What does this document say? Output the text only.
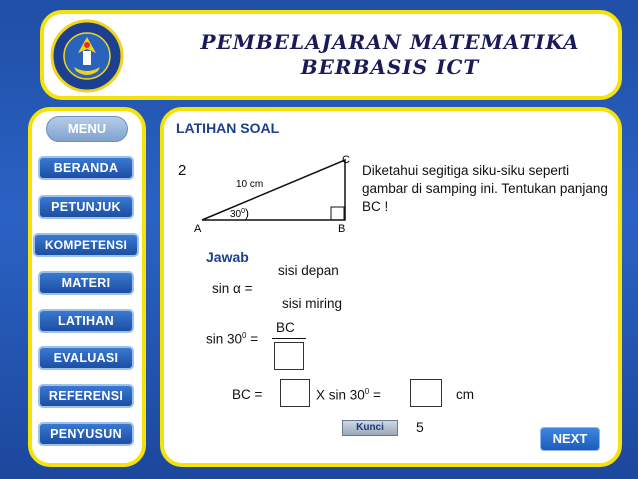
PEMBELAJARAN MATEMATIKA
BERBASIS ICT
MENU
BERANDA
PETUNJUK
KOMPETENSI
MATERI
LATIHAN
EVALUASI
REFERENSI
PENYUSUN
LATIHAN SOAL
2
A	B
C
10 cm
$30^0$)
Diketahui segitiga siku-siku seperti gambar di samping ini. Tentukan panjang BC !
Jawab
sisi depan
sin α =
sisi miring
BC
$\sin 30^0$ =
BC =	X $\sin 30^0$ =	cm
Kunci	5
NEXT
